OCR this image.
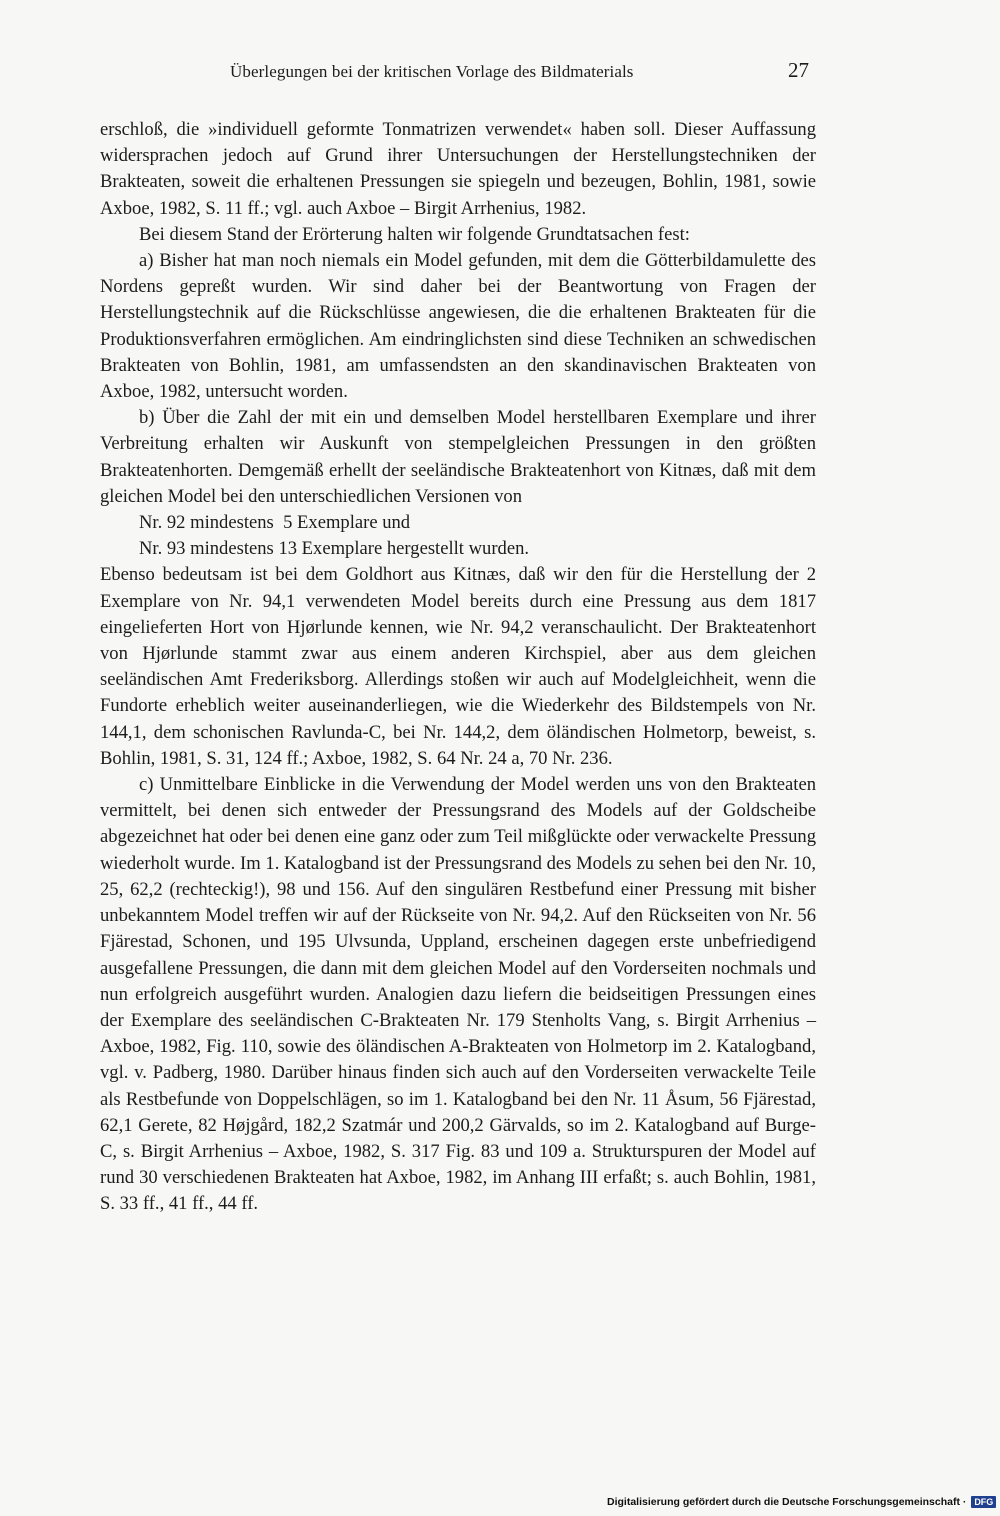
Überlegungen bei der kritischen Vorlage des Bildmaterials	27

erschloß, die »individuell geformte Tonmatrizen verwendet« haben soll. Dieser Auffassung widersprachen jedoch auf Grund ihrer Untersuchungen der Herstellungstechniken der Brakteaten, soweit die erhaltenen Pressungen sie spiegeln und bezeugen, Bohlin, 1981, sowie Axboe, 1982, S. 11 ff.; vgl. auch Axboe – Birgit Arrhenius, 1982.

Bei diesem Stand der Erörterung halten wir folgende Grundtatsachen fest:

a) Bisher hat man noch niemals ein Model gefunden, mit dem die Götterbildamulette des Nordens gepreßt wurden. Wir sind daher bei der Beantwortung von Fragen der Herstellungstechnik auf die Rückschlüsse angewiesen, die die erhaltenen Brakteaten für die Produktionsverfahren ermöglichen. Am eindringlichsten sind diese Techniken an schwedischen Brakteaten von Bohlin, 1981, am umfassendsten an den skandinavischen Brakteaten von Axboe, 1982, untersucht worden.

b) Über die Zahl der mit ein und demselben Model herstellbaren Exemplare und ihrer Verbreitung erhalten wir Auskunft von stempelgleichen Pressungen in den größten Brakteatenhorten. Demgemäß erhellt der seeländische Brakteatenhort von Kitnæs, daß mit dem gleichen Model bei den unterschiedlichen Versionen von

Nr. 92 mindestens  5 Exemplare und

Nr. 93 mindestens 13 Exemplare hergestellt wurden.

Ebenso bedeutsam ist bei dem Goldhort aus Kitnæs, daß wir den für die Herstellung der 2 Exemplare von Nr. 94,1 verwendeten Model bereits durch eine Pressung aus dem 1817 eingelieferten Hort von Hjørlunde kennen, wie Nr. 94,2 veranschaulicht. Der Brakteatenhort von Hjørlunde stammt zwar aus einem anderen Kirchspiel, aber aus dem gleichen seeländischen Amt Frederiksborg. Allerdings stoßen wir auch auf Modelgleichheit, wenn die Fundorte erheblich weiter auseinanderliegen, wie die Wiederkehr des Bildstempels von Nr. 144,1, dem schonischen Ravlunda-C, bei Nr. 144,2, dem öländischen Holmetorp, beweist, s. Bohlin, 1981, S. 31, 124 ff.; Axboe, 1982, S. 64 Nr. 24 a, 70 Nr. 236.

c) Unmittelbare Einblicke in die Verwendung der Model werden uns von den Brakteaten vermittelt, bei denen sich entweder der Pressungsrand des Models auf der Goldscheibe abgezeichnet hat oder bei denen eine ganz oder zum Teil mißglückte oder verwackelte Pressung wiederholt wurde. Im 1. Katalogband ist der Pressungsrand des Models zu sehen bei den Nr. 10, 25, 62,2 (rechteckig!), 98 und 156. Auf den singulären Restbefund einer Pressung mit bisher unbekanntem Model treffen wir auf der Rückseite von Nr. 94,2. Auf den Rückseiten von Nr. 56 Fjärestad, Schonen, und 195 Ulvsunda, Uppland, erscheinen dagegen erste unbefriedigend ausgefallene Pressungen, die dann mit dem gleichen Model auf den Vorderseiten nochmals und nun erfolgreich ausgeführt wurden. Analogien dazu liefern die beidseitigen Pressungen eines der Exemplare des seeländischen C-Brakteaten Nr. 179 Stenholts Vang, s. Birgit Arrhenius – Axboe, 1982, Fig. 110, sowie des öländischen A-Brakteaten von Holmetorp im 2. Katalogband, vgl. v. Padberg, 1980. Darüber hinaus finden sich auch auf den Vorderseiten verwackelte Teile als Restbefunde von Doppelschlägen, so im 1. Katalogband bei den Nr. 11 Åsum, 56 Fjärestad, 62,1 Gerete, 82 Højgård, 182,2 Szatmár und 200,2 Gärvalds, so im 2. Katalogband auf Burge-C, s. Birgit Arrhenius – Axboe, 1982, S. 317 Fig. 83 und 109 a. Strukturspuren der Model auf rund 30 verschiedenen Brakteaten hat Axboe, 1982, im Anhang III erfaßt; s. auch Bohlin, 1981, S. 33 ff., 41 ff., 44 ff.

Digitalisierung gefördert durch die Deutsche Forschungsgemeinschaft · DFG
